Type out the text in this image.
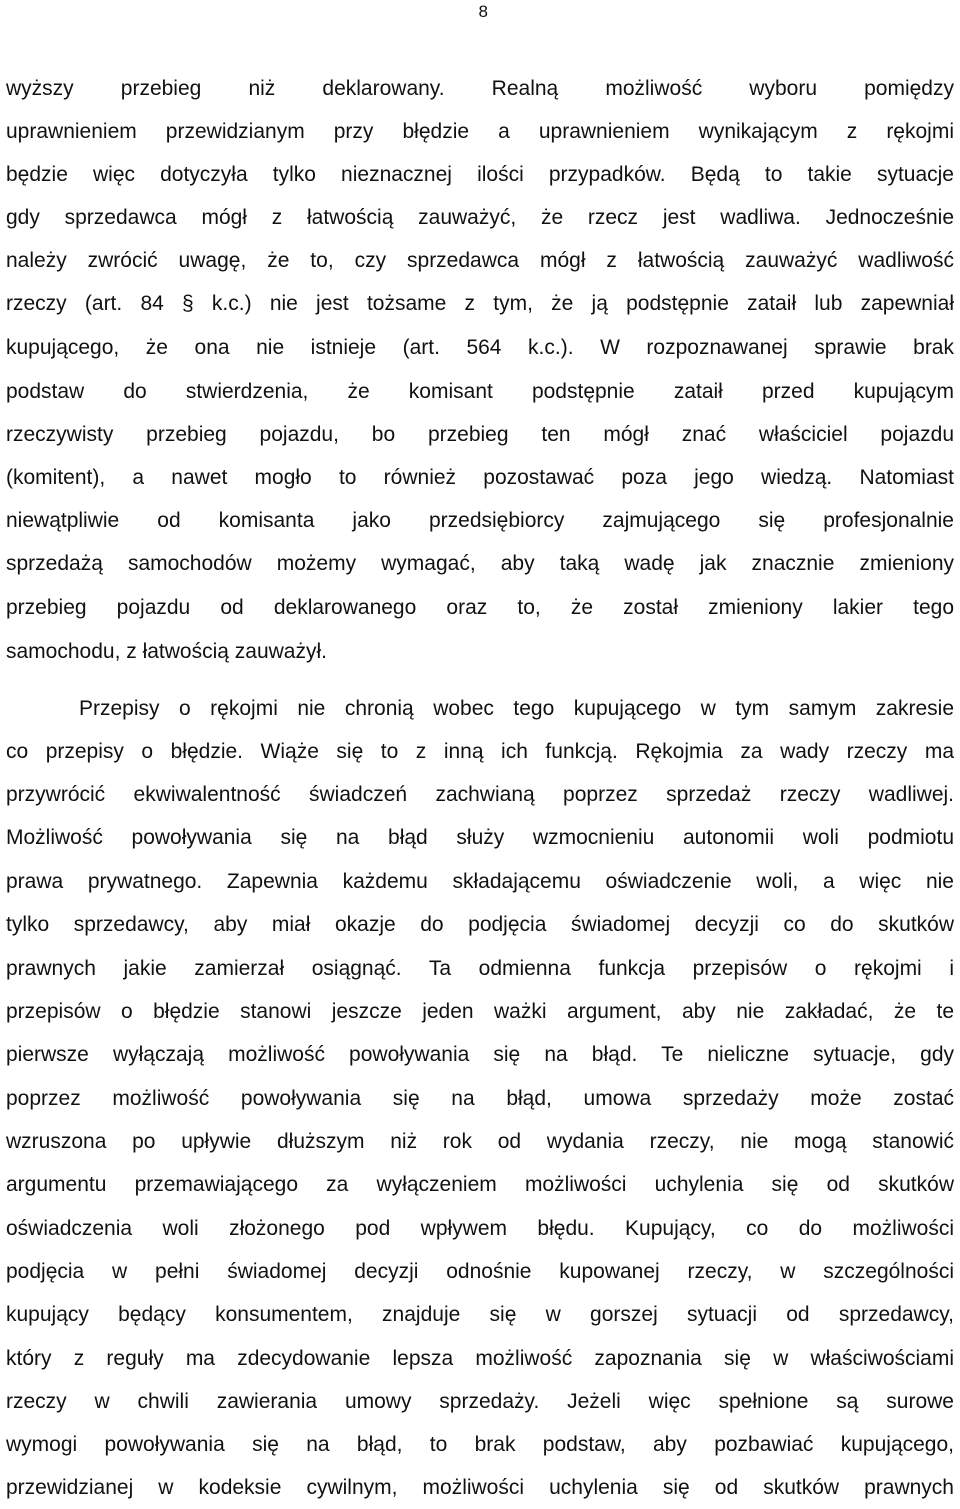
8
wyższy przebieg niż deklarowany. Realną możliwość wyboru pomiędzy
uprawnieniem przewidzianym przy błędzie a uprawnieniem wynikającym z rękojmi
będzie więc dotyczyła tylko nieznacznej ilości przypadków. Będą to takie sytuacje
gdy sprzedawca mógł z łatwością zauważyć, że rzecz jest wadliwa. Jednocześnie
należy zwrócić uwagę, że to, czy sprzedawca mógł z łatwością zauważyć wadliwość
rzeczy (art. 84 § k.c.) nie jest tożsame z tym, że ją podstępnie zataił lub zapewniał
kupującego, że ona nie istnieje (art. 564 k.c.). W rozpoznawanej sprawie brak
podstaw do stwierdzenia, że komisant podstępnie zataił przed kupującym
rzeczywisty przebieg pojazdu, bo przebieg ten mógł znać właściciel pojazdu
(komitent), a nawet mogło to również pozostawać poza jego wiedzą. Natomiast
niewątpliwie od komisanta jako przedsiębiorcy zajmującego się profesjonalnie
sprzedażą samochodów możemy wymagać, aby taką wadę jak znacznie zmieniony
przebieg pojazdu od deklarowanego oraz to, że został zmieniony lakier tego
samochodu, z łatwością zauważył.
Przepisy o rękojmi nie chronią wobec tego kupującego w tym samym zakresie
co przepisy o błędzie. Wiąże się to z inną ich funkcją. Rękojmia za wady rzeczy ma
przywrócić ekwiwalentność świadczeń zachwianą poprzez sprzedaż rzeczy wadliwej.
Możliwość powoływania się na błąd służy wzmocnieniu autonomii woli podmiotu
prawa prywatnego. Zapewnia każdemu składającemu oświadczenie woli, a więc nie
tylko sprzedawcy, aby miał okazje do podjęcia świadomej decyzji co do skutków
prawnych jakie zamierzał osiągnąć. Ta odmienna funkcja przepisów o rękojmi i
przepisów o błędzie stanowi jeszcze jeden ważki argument, aby nie zakładać, że te
pierwsze wyłączają możliwość powoływania się na błąd. Te nieliczne sytuacje, gdy
poprzez możliwość powoływania się na błąd, umowa sprzedaży może zostać
wzruszona po upływie dłuższym niż rok od wydania rzeczy, nie mogą stanowić
argumentu przemawiającego za wyłączeniem możliwości uchylenia się od skutków
oświadczenia woli złożonego pod wpływem błędu. Kupujący, co do możliwości
podjęcia w pełni świadomej decyzji odnośnie kupowanej rzeczy, w szczególności
kupujący będący konsumentem, znajduje się w gorszej sytuacji od sprzedawcy,
który z reguły ma zdecydowanie lepsza możliwość zapoznania się w właściwościami
rzeczy w chwili zawierania umowy sprzedaży. Jeżeli więc spełnione są surowe
wymogi powoływania się na błąd, to brak podstaw, aby pozbawiać kupującego,
przewidzianej w kodeksie cywilnym, możliwości uchylenia się od skutków prawnych
